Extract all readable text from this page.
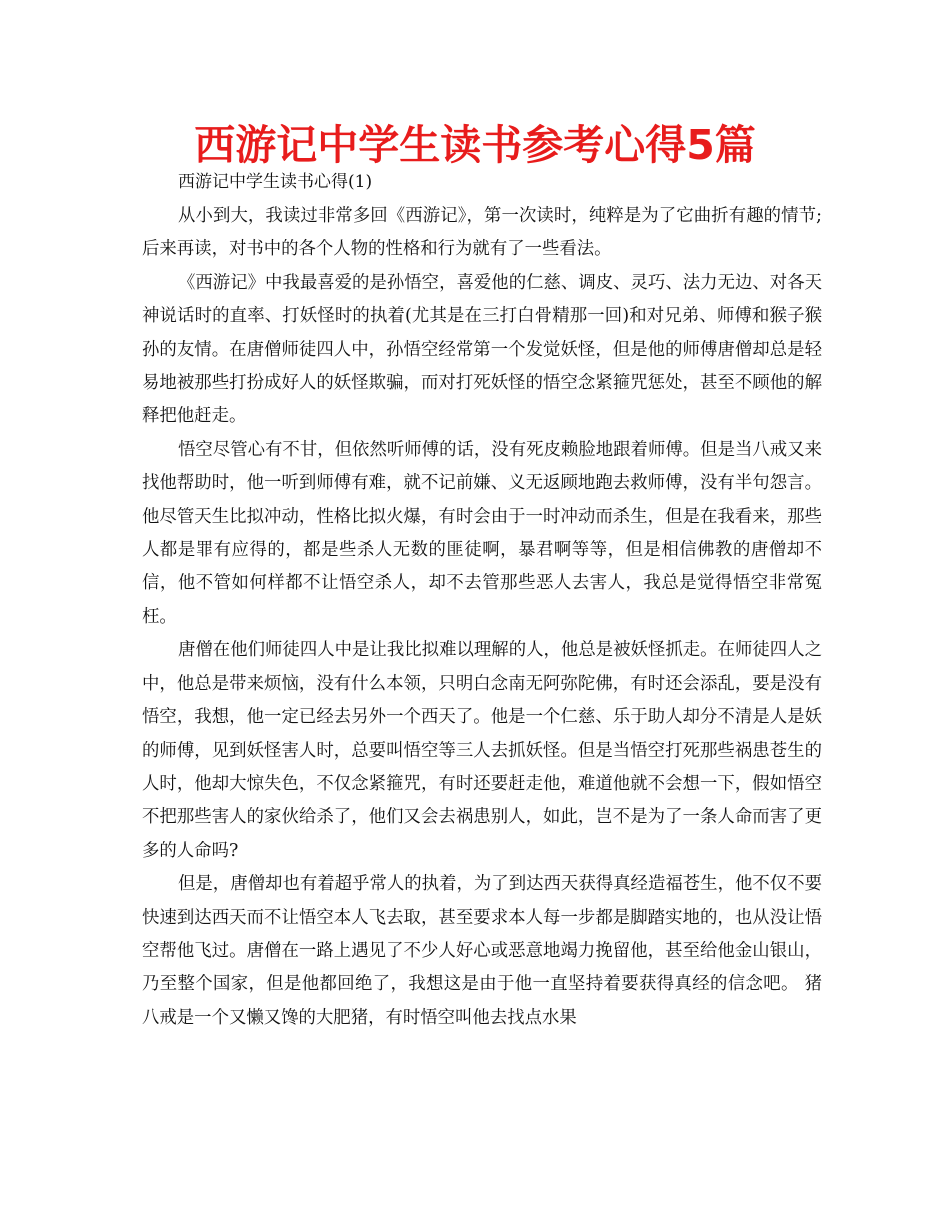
西游记中学生读书参考心得5篇
西游记中学生读书心得(1)

从小到大，我读过非常多回《西游记》，第一次读时，纯粹是为了它曲折有趣的情节;后来再读，对书中的各个人物的性格和行为就有了一些看法。

《西游记》中我最喜爱的是孙悟空，喜爱他的仁慈、调皮、灵巧、法力无边、对各天神说话时的直率、打妖怪时的执着(尤其是在三打白骨精那一回)和对兄弟、师傅和猴子猴孙的友情。在唐僧师徒四人中，孙悟空经常第一个发觉妖怪，但是他的师傅唐僧却总是轻易地被那些打扮成好人的妖怪欺骗，而对打死妖怪的悟空念紧箍咒惩处，甚至不顾他的解释把他赶走。

悟空尽管心有不甘，但依然听师傅的话，没有死皮赖脸地跟着师傅。但是当八戒又来找他帮助时，他一听到师傅有难，就不记前嫌、义无返顾地跑去救师傅，没有半句怨言。他尽管天生比拟冲动，性格比拟火爆，有时会由于一时冲动而杀生，但是在我看来，那些人都是罪有应得的，都是些杀人无数的匪徒啊，暴君啊等等，但是相信佛教的唐僧却不信，他不管如何样都不让悟空杀人，却不去管那些恶人去害人，我总是觉得悟空非常冤枉。

唐僧在他们师徒四人中是让我比拟难以理解的人，他总是被妖怪抓走。在师徒四人之中，他总是带来烦恼，没有什么本领，只明白念南无阿弥陀佛，有时还会添乱，要是没有悟空，我想，他一定已经去另外一个西天了。他是一个仁慈、乐于助人却分不清是人是妖的师傅，见到妖怪害人时，总要叫悟空等三人去抓妖怪。但是当悟空打死那些祸患苍生的人时，他却大惊失色，不仅念紧箍咒，有时还要赶走他，难道他就不会想一下，假如悟空不把那些害人的家伙给杀了，他们又会去祸患别人，如此，岂不是为了一条人命而害了更多的人命吗?

但是，唐僧却也有着超乎常人的执着，为了到达西天获得真经造福苍生，他不仅不要快速到达西天而不让悟空本人飞去取，甚至要求本人每一步都是脚踏实地的，也从没让悟空帮他飞过。唐僧在一路上遇见了不少人好心或恶意地竭力挽留他，甚至给他金山银山，乃至整个国家，但是他都回绝了，我想这是由于他一直坚持着要获得真经的信念吧。 猪八戒是一个又懒又馋的大肥猪，有时悟空叫他去找点水果
